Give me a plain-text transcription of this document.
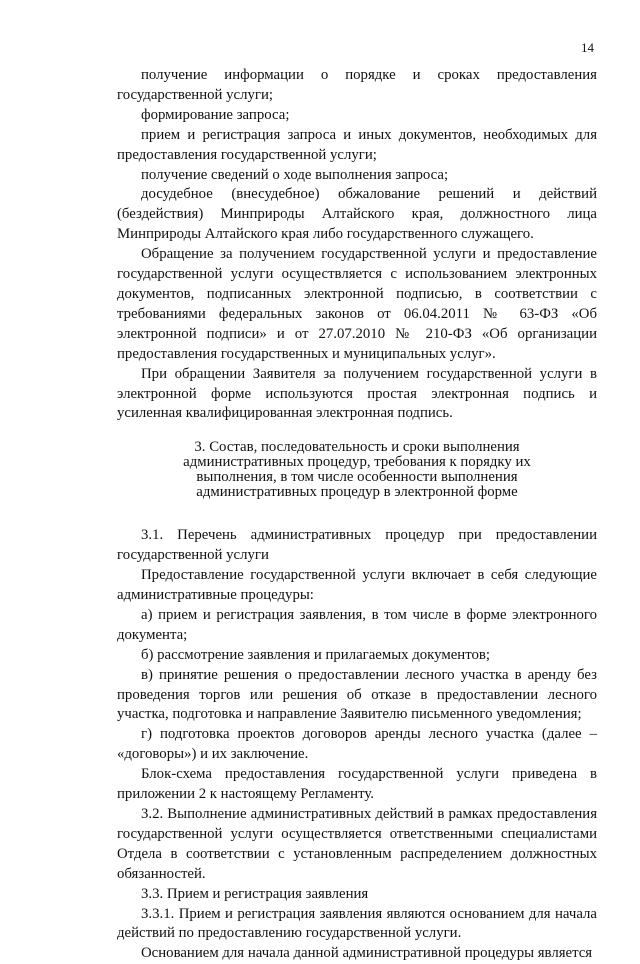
14

получение информации о порядке и сроках предоставления государственной услуги;

формирование запроса;

прием и регистрация запроса и иных документов, необходимых для предоставления государственной услуги;

получение сведений о ходе выполнения запроса;

досудебное (внесудебное) обжалование решений и действий (бездействия) Минприроды Алтайского края, должностного лица Минприроды Алтайского края либо государственного служащего.

Обращение за получением государственной услуги и предоставление государственной услуги осуществляется с использованием электронных документов, подписанных электронной подписью, в соответствии с требованиями федеральных законов от 06.04.2011 № 63-ФЗ «Об электронной подписи» и от 27.07.2010 № 210-ФЗ «Об организации предоставления государственных и муниципальных услуг».

При обращении Заявителя за получением государственной услуги в электронной форме используются простая электронная подпись и усиленная квалифицированная электронная подпись.

3. Состав, последовательность и сроки выполнения
административных процедур, требования к порядку их
выполнения, в том числе особенности выполнения
административных процедур в электронной форме

3.1. Перечень административных процедур при предоставлении государственной услуги

Предоставление государственной услуги включает в себя следующие административные процедуры:

а) прием и регистрация заявления, в том числе в форме электронного документа;

б) рассмотрение заявления и прилагаемых документов;

в) принятие решения о предоставлении лесного участка в аренду без проведения торгов или решения об отказе в предоставлении лесного участка, подготовка и направление Заявителю письменного уведомления;

г) подготовка проектов договоров аренды лесного участка (далее – «договоры») и их заключение.

Блок-схема предоставления государственной услуги приведена в приложении 2 к настоящему Регламенту.

3.2. Выполнение административных действий в рамках предоставления государственной услуги осуществляется ответственными специалистами Отдела в соответствии с установленным распределением должностных обязанностей.

3.3. Прием и регистрация заявления

3.3.1. Прием и регистрация заявления являются основанием для начала действий по предоставлению государственной услуги.

Основанием для начала данной административной процедуры является
